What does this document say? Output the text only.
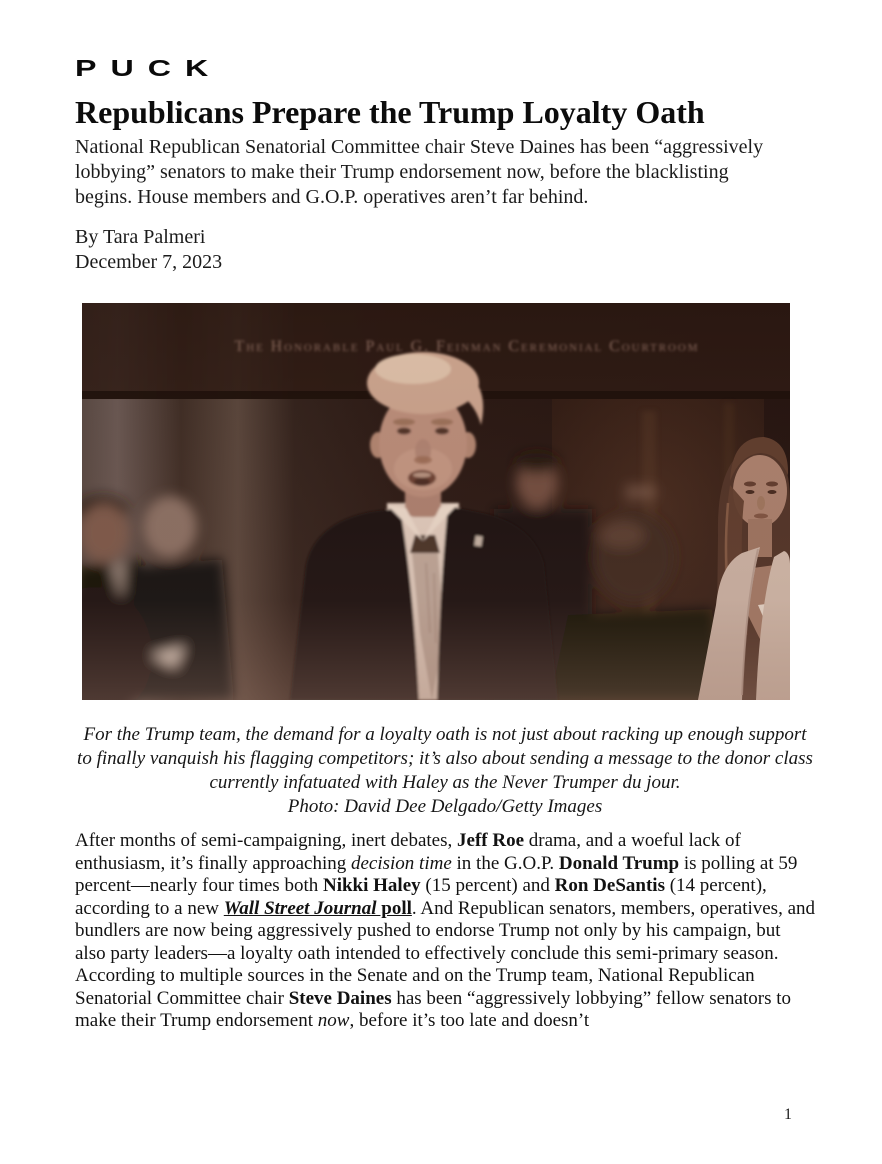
PUCK
Republicans Prepare the Trump Loyalty Oath

National Republican Senatorial Committee chair Steve Daines has been “aggressively lobbying” senators to make their Trump endorsement now, before the blacklisting begins. House members and G.O.P. operatives aren’t far behind.

By Tara Palmeri
December 7, 2023
For the Trump team, the demand for a loyalty oath is not just about racking up enough support to finally vanquish his flagging competitors; it’s also about sending a message to the donor class currently infatuated with Haley as the Never Trumper du jour.
Photo: David Dee Delgado/Getty Images

After months of semi-campaigning, inert debates, Jeff Roe drama, and a woeful lack of enthusiasm, it’s finally approaching decision time in the G.O.P. Donald Trump is polling at 59 percent—nearly four times both Nikki Haley (15 percent) and Ron DeSantis (14 percent), according to a new Wall Street Journal poll. And Republican senators, members, operatives, and bundlers are now being aggressively pushed to endorse Trump not only by his campaign, but also party leaders—a loyalty oath intended to effectively conclude this semi-primary season.

According to multiple sources in the Senate and on the Trump team, National Republican Senatorial Committee chair Steve Daines has been “aggressively lobbying” fellow senators to make their Trump endorsement now, before it’s too late and doesn’t

1
